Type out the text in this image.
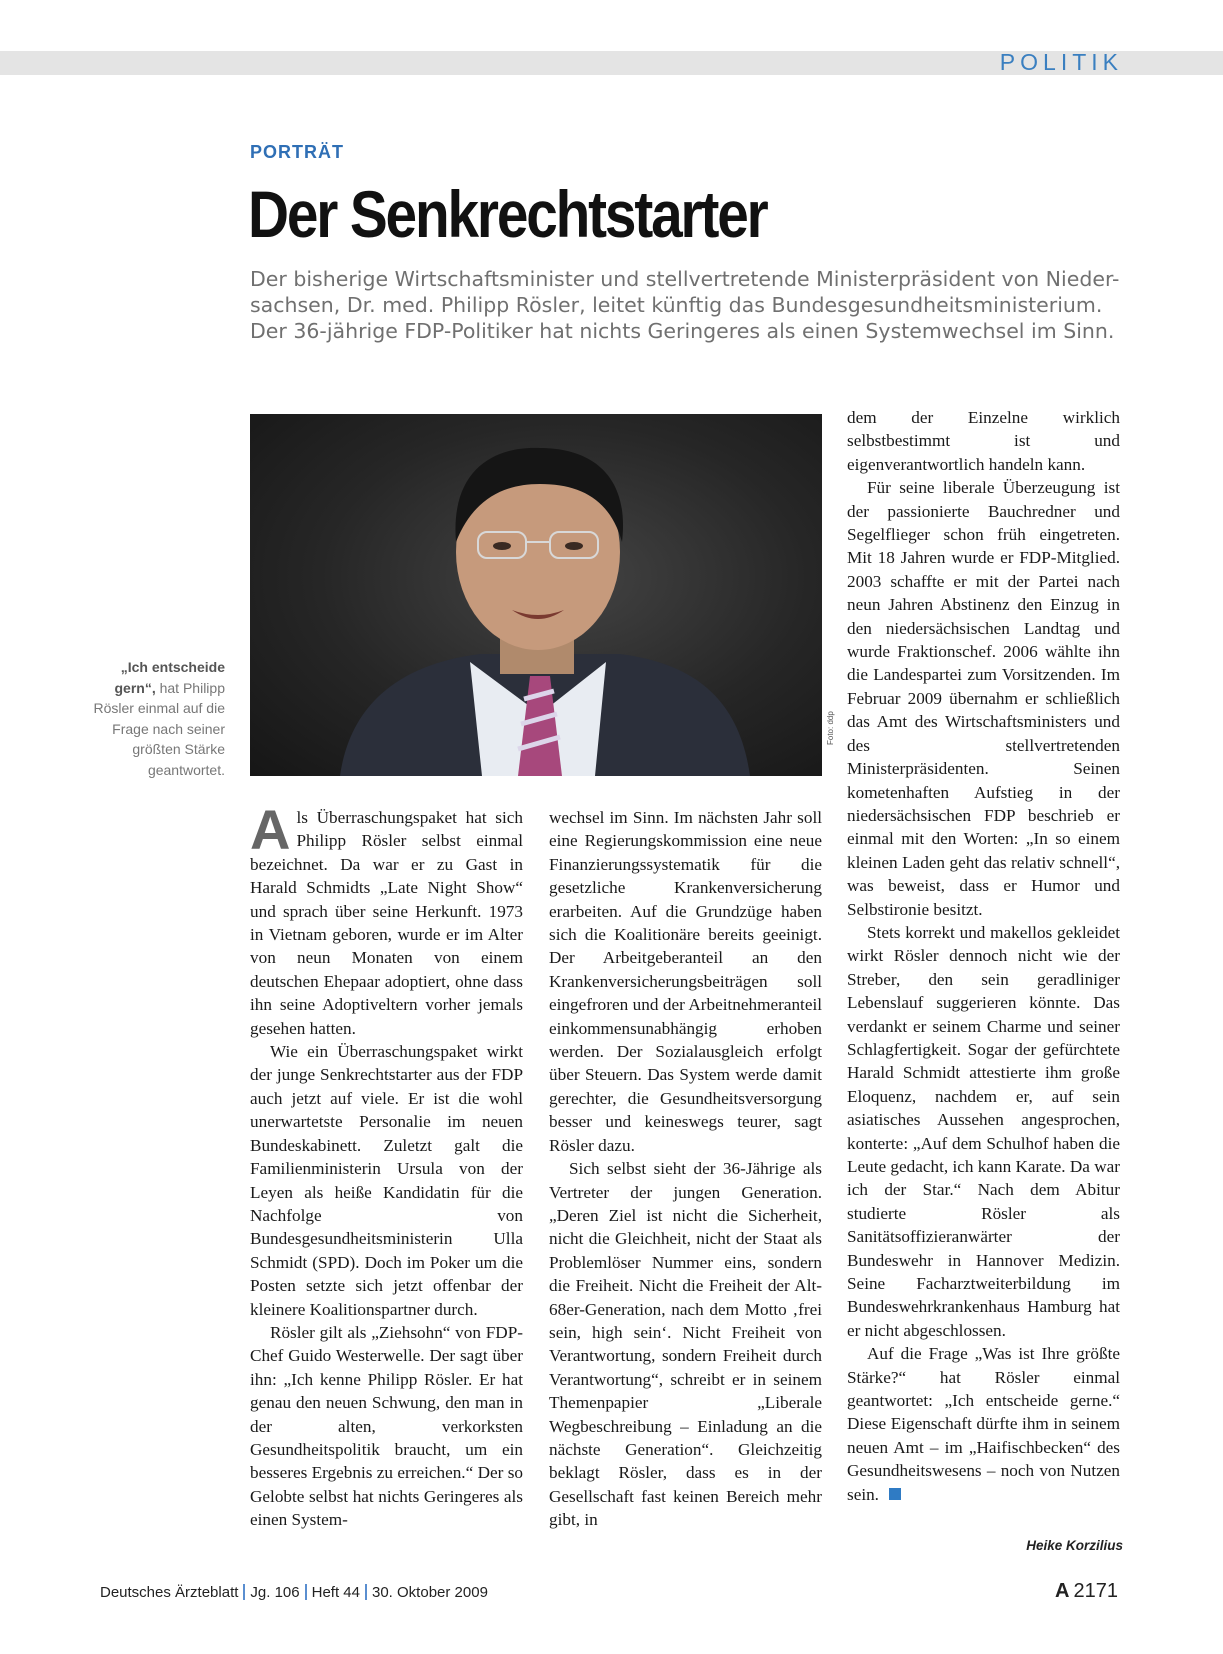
POLITIK
PORTRÄT
Der Senkrechtstarter
Der bisherige Wirtschaftsminister und stellvertretende Ministerpräsident von Nieder-
sachsen, Dr. med. Philipp Rösler, leitet künftig das Bundesgesundheitsministerium.
Der 36-jährige FDP-Politiker hat nichts Geringeres als einen Systemwechsel im Sinn.
Foto: ddp
„Ich entscheide gern“, hat Philipp Rösler einmal auf die Frage nach seiner größten Stärke geantwortet.

Als Überraschungspaket hat sich Philipp Rösler selbst einmal bezeichnet. Da war er zu Gast in Harald Schmidts „Late Night Show“ und sprach über seine Herkunft. 1973 in Vietnam geboren, wurde er im Alter von neun Monaten von einem deutschen Ehepaar adoptiert, ohne dass ihn seine Adoptiveltern vorher jemals gesehen hatten.

Wie ein Überraschungspaket wirkt der junge Senkrechtstarter aus der FDP auch jetzt auf viele. Er ist die wohl unerwartetste Personalie im neuen Bundeskabinett. Zuletzt galt die Familienministerin Ursula von der Leyen als heiße Kandidatin für die Nachfolge von Bundesgesundheitsministerin Ulla Schmidt (SPD). Doch im Poker um die Posten setzte sich jetzt offenbar der kleinere Koalitionspartner durch.

Rösler gilt als „Ziehsohn“ von FDP-Chef Guido Westerwelle. Der sagt über ihn: „Ich kenne Philipp Rösler. Er hat genau den neuen Schwung, den man in der alten, verkorksten Gesundheitspolitik braucht, um ein besseres Ergebnis zu erreichen.“ Der so Gelobte selbst hat nichts Geringeres als einen System-

wechsel im Sinn. Im nächsten Jahr soll eine Regierungskommission eine neue Finanzierungssystematik für die gesetzliche Krankenversicherung erarbeiten. Auf die Grundzüge haben sich die Koalitionäre bereits geeinigt. Der Arbeitgeberanteil an den Krankenversicherungsbeiträgen soll eingefroren und der Arbeitnehmeranteil einkommensunabhängig erhoben werden. Der Sozialausgleich erfolgt über Steuern. Das System werde damit gerechter, die Gesundheitsversorgung besser und keineswegs teurer, sagt Rösler dazu.

Sich selbst sieht der 36-Jährige als Vertreter der jungen Generation. „Deren Ziel ist nicht die Sicherheit, nicht die Gleichheit, nicht der Staat als Problemlöser Nummer eins, sondern die Freiheit. Nicht die Freiheit der Alt-68er-Generation, nach dem Motto ‚frei sein, high sein‘. Nicht Freiheit von Verantwortung, sondern Freiheit durch Verantwortung“, schreibt er in seinem Themenpapier „Liberale Wegbeschreibung – Einladung an die nächste Generation“. Gleichzeitig beklagt Rösler, dass es in der Gesellschaft fast keinen Bereich mehr gibt, in

dem der Einzelne wirklich selbstbestimmt ist und eigenverantwortlich handeln kann.

Für seine liberale Überzeugung ist der passionierte Bauchredner und Segelflieger schon früh eingetreten. Mit 18 Jahren wurde er FDP-Mitglied. 2003 schaffte er mit der Partei nach neun Jahren Abstinenz den Einzug in den niedersächsischen Landtag und wurde Fraktionschef. 2006 wählte ihn die Landespartei zum Vorsitzenden. Im Februar 2009 übernahm er schließlich das Amt des Wirtschaftsministers und des stellvertretenden Ministerpräsidenten. Seinen kometenhaften Aufstieg in der niedersächsischen FDP beschrieb er einmal mit den Worten: „In so einem kleinen Laden geht das relativ schnell“, was beweist, dass er Humor und Selbstironie besitzt.

Stets korrekt und makellos gekleidet wirkt Rösler dennoch nicht wie der Streber, den sein geradliniger Lebenslauf suggerieren könnte. Das verdankt er seinem Charme und seiner Schlagfertigkeit. Sogar der gefürchtete Harald Schmidt attestierte ihm große Eloquenz, nachdem er, auf sein asiatisches Aussehen angesprochen, konterte: „Auf dem Schulhof haben die Leute gedacht, ich kann Karate. Da war ich der Star.“ Nach dem Abitur studierte Rösler als Sanitätsoffizieranwärter der Bundeswehr in Hannover Medizin. Seine Facharztweiterbildung im Bundeswehrkrankenhaus Hamburg hat er nicht abgeschlossen.

Auf die Frage „Was ist Ihre größte Stärke?“ hat Rösler einmal geantwortet: „Ich entscheide gerne.“ Diese Eigenschaft dürfte ihm in seinem neuen Amt – im „Haifischbecken“ des Gesundheitswesens – noch von Nutzen sein.

Heike Korzilius
Deutsches Ärzteblatt Jg. 106 Heft 44 30. Oktober 2009	A 2171
